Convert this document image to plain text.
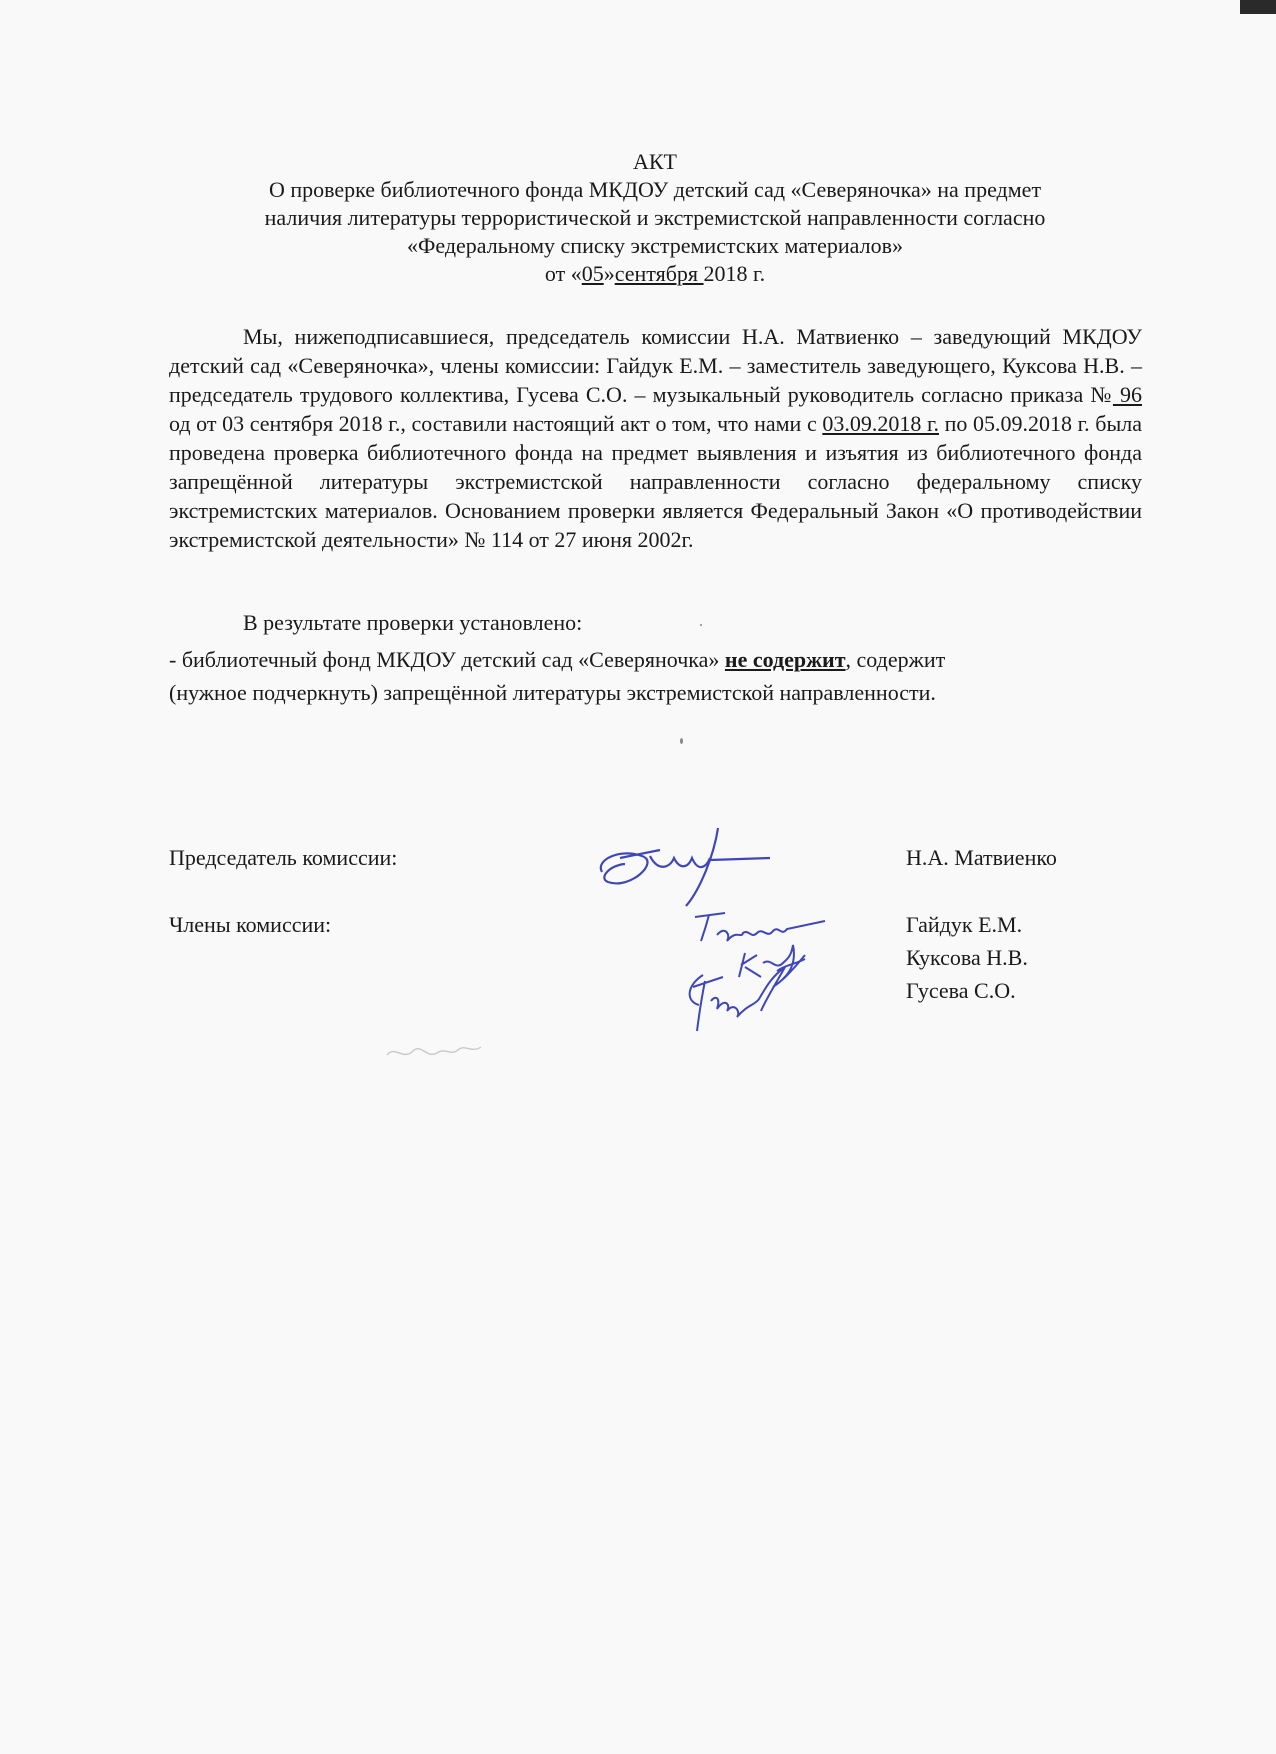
АКТ
О проверке библиотечного фонда МКДОУ детский сад «Северяночка» на предмет
наличия литературы террористической и экстремистской направленности согласно
«Федеральному списку экстремистских материалов»
от «05»сентября 2018 г.

Мы, нижеподписавшиеся, председатель комиссии Н.А. Матвиенко – заведующий МКДОУ детский сад «Северяночка», члены комиссии: Гайдук Е.М. – заместитель заведующего, Куксова Н.В. – председатель трудового коллектива, Гусева С.О. – музыкальный руководитель согласно приказа № 96 од от 03 сентября 2018 г., составили настоящий акт о том, что нами с 03.09.2018 г. по 05.09.2018 г. была проведена проверка библиотечного фонда на предмет выявления и изъятия из библиотечного фонда запрещённой литературы экстремистской направленности согласно федеральному списку экстремистских материалов. Основанием проверки является Федеральный Закон «О противодействии экстремистской деятельности» № 114 от 27 июня 2002г.

В результате проверки установлено:
- библиотечный фонд МКДОУ детский сад «Северяночка» не содержит, содержит
(нужное подчеркнуть) запрещённой литературы экстремистской направленности.
Председатель комиссии:	Н.А. Матвиенко
Члены комиссии:	Гайдук Е.М.
Куксова Н.В.
Гусева С.О.
